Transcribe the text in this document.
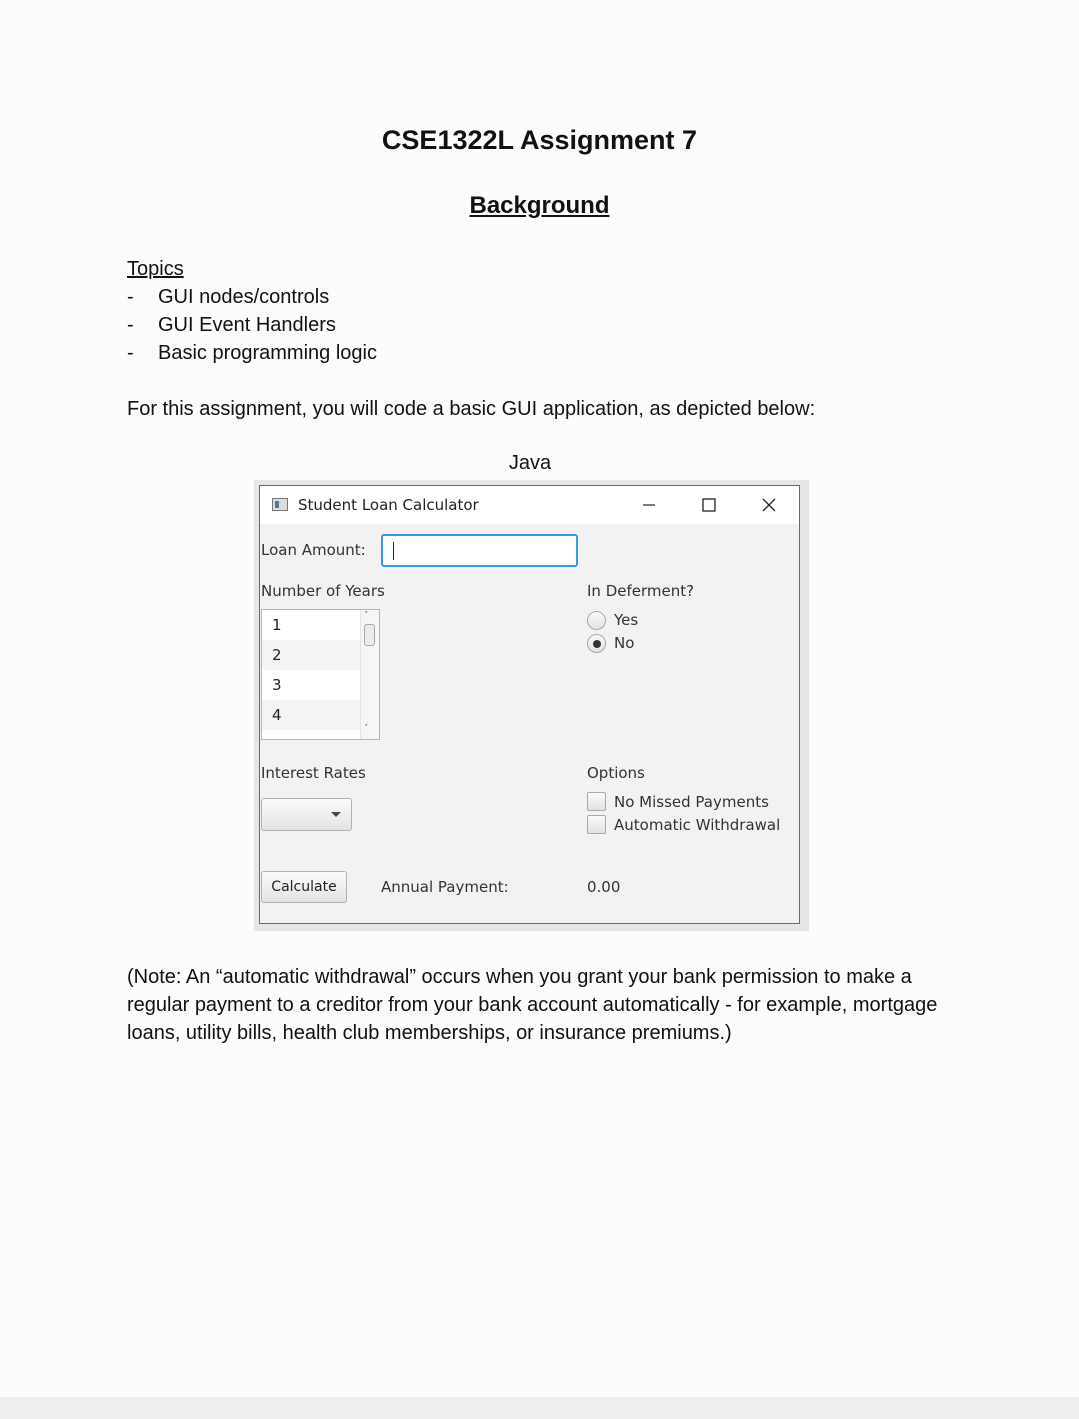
CSE1322L Assignment 7
Background
Topics
- GUI nodes/controls
- GUI Event Handlers
- Basic programming logic
For this assignment, you will code a basic GUI application, as depicted below:
Java
Student Loan Calculator
Loan Amount:
Number of Years
1
2
3
4
˄
˅
In Deferment?
Yes
No
Interest Rates	Options
No Missed Payments
Automatic Withdrawal
Calculate	Annual Payment:	0.00
(Note: An “automatic withdrawal” occurs when you grant your bank permission to make a regular payment to a creditor from your bank account automatically - for example, mortgage loans, utility bills, health club memberships, or insurance premiums.)
